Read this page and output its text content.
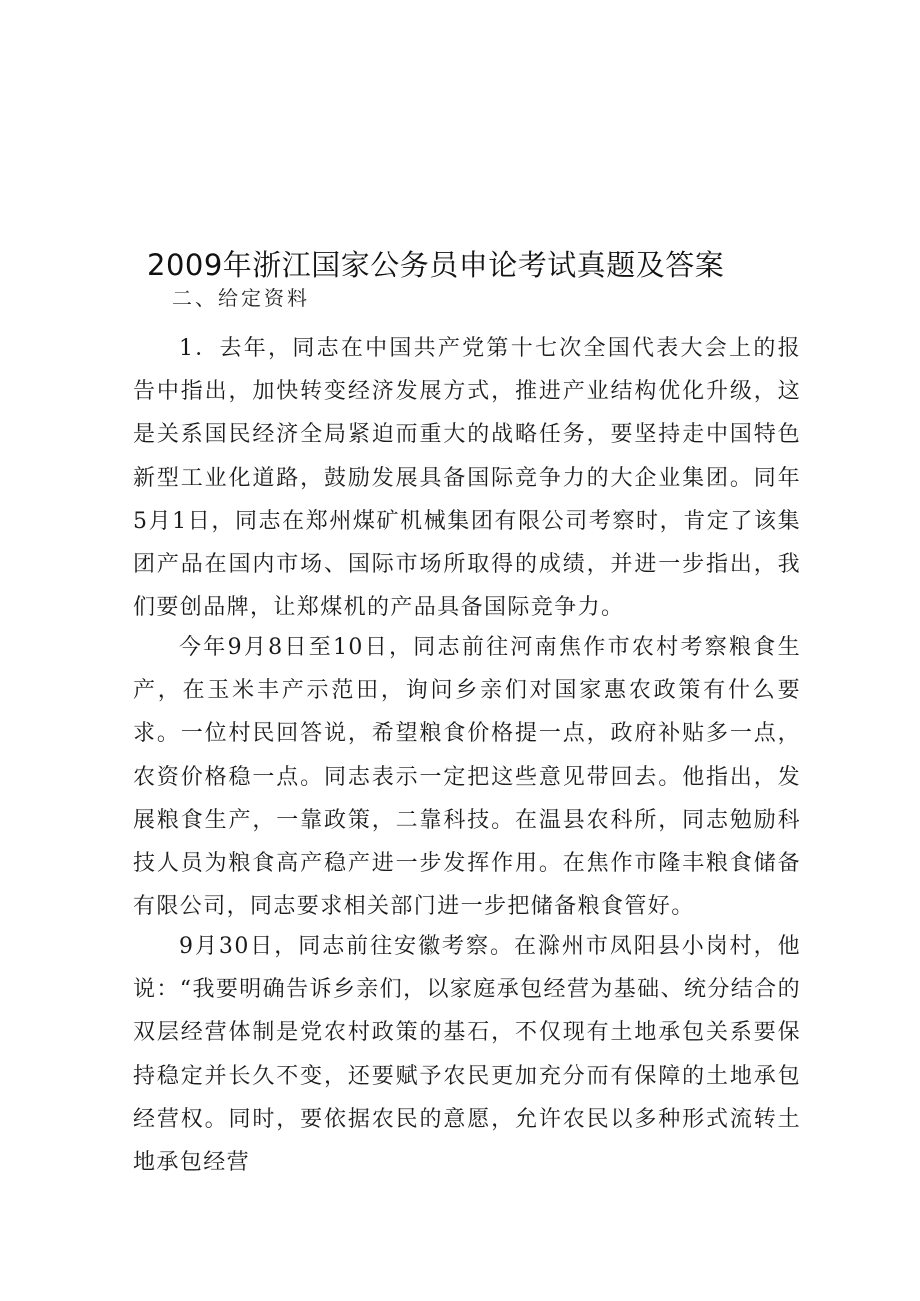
2009年浙江国家公务员申论考试真题及答案
二、给定资料

1．去年，同志在中国共产党第十七次全国代表大会上的报告中指出，加快转变经济发展方式，推进产业结构优化升级，这是关系国民经济全局紧迫而重大的战略任务，要坚持走中国特色新型工业化道路，鼓励发展具备国际竞争力的大企业集团。同年5月1日，同志在郑州煤矿机械集团有限公司考察时，肯定了该集团产品在国内市场、国际市场所取得的成绩，并进一步指出，我们要创品牌，让郑煤机的产品具备国际竞争力。

今年9月8日至10日，同志前往河南焦作市农村考察粮食生产，在玉米丰产示范田，询问乡亲们对国家惠农政策有什么要求。一位村民回答说，希望粮食价格提一点，政府补贴多一点，农资价格稳一点。同志表示一定把这些意见带回去。他指出，发展粮食生产，一靠政策，二靠科技。在温县农科所，同志勉励科技人员为粮食高产稳产进一步发挥作用。在焦作市隆丰粮食储备有限公司，同志要求相关部门进一步把储备粮食管好。

9月30日，同志前往安徽考察。在滁州市凤阳县小岗村，他说：“我要明确告诉乡亲们，以家庭承包经营为基础、统分结合的双层经营体制是党农村政策的基石，不仅现有土地承包关系要保持稳定并长久不变，还要赋予农民更加充分而有保障的土地承包经营权。同时，要依据农民的意愿，允许农民以多种形式流转土地承包经营
